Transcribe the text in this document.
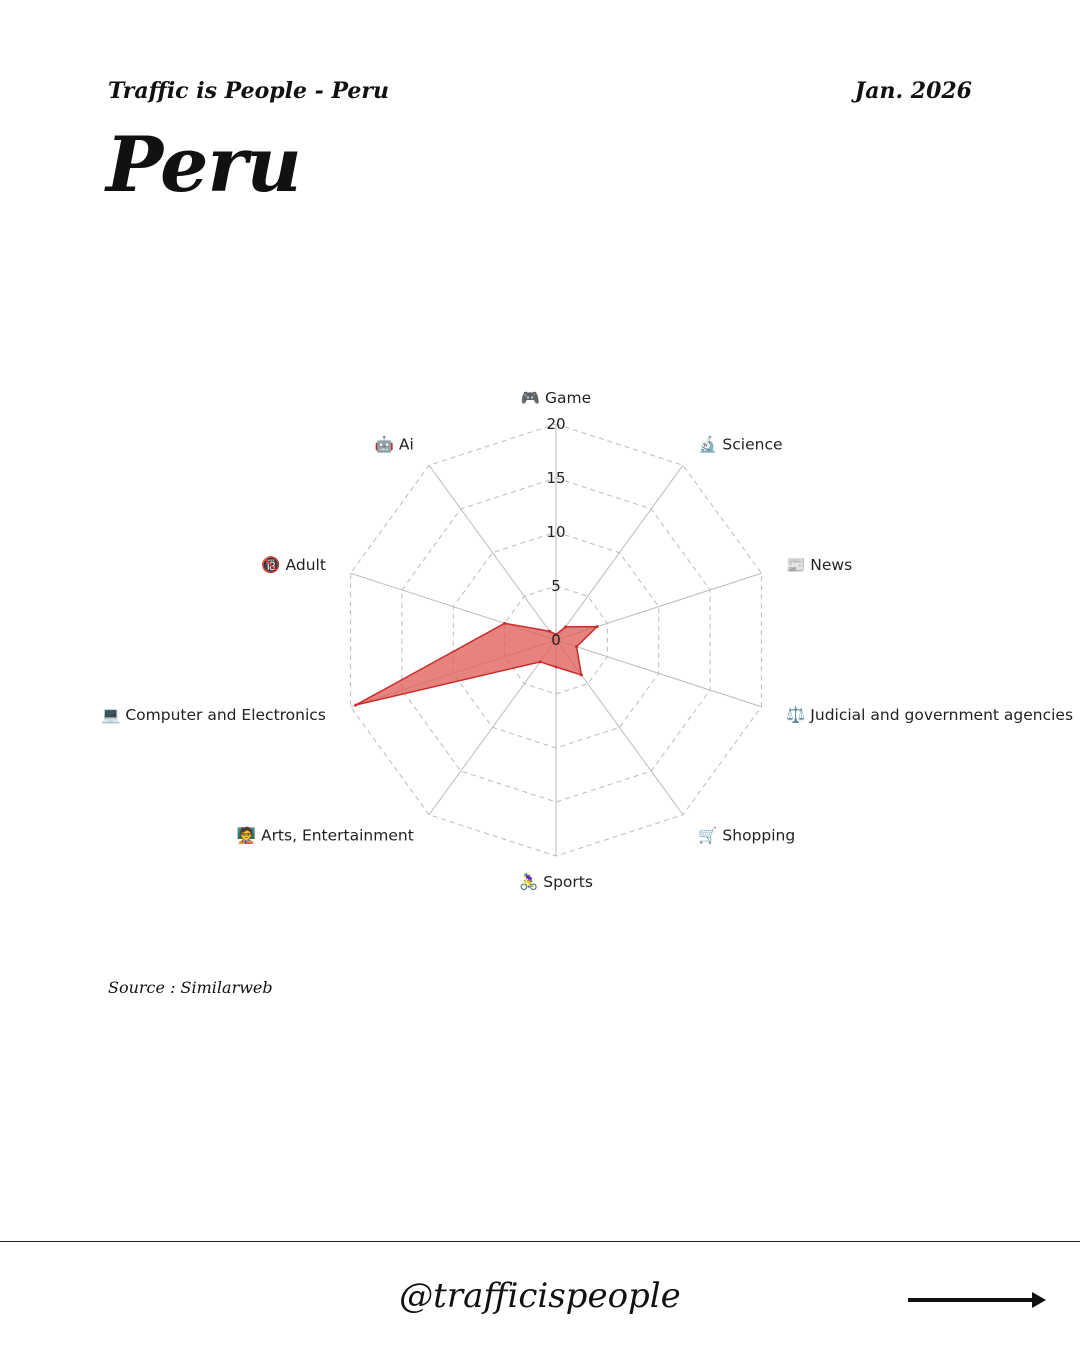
Traffic is People - Peru	Jan. 2026
Peru
0
5
10
15
20
🎮 Game
🔬 Science
📰 News
⚖️ Judicial and government agencies
🛒 Shopping
🚴‍♀️ Sports
🧑‍🏫 Arts, Entertainment
💻 Computer and Electronics
🔞 Adult
🤖 Ai
Source : Similarweb
@trafficispeople
